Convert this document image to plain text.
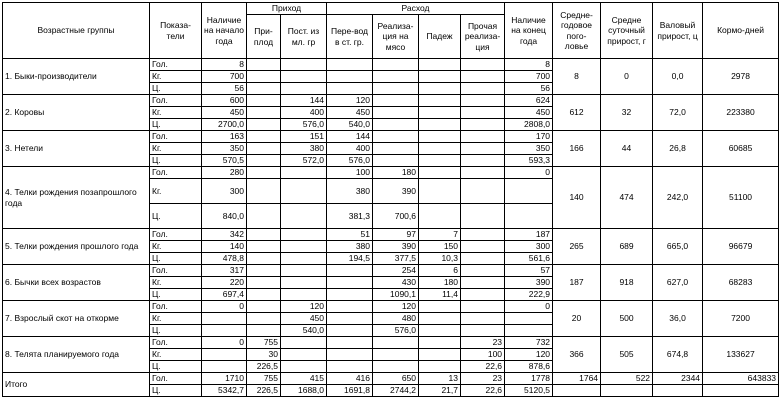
Возрастные группы	Показа-тели	Наличие на начало года	Приход		Расход				Наличие на конец года	Средне-годовое пого-ловье	Средне суточный прирост, г	Валовый прирост, ц	Кормо-дней
			При-плод	Пост. из мл. гр	Пере-вод в ст. гр.	Реализа-ция на мясо	Падеж	Прочая реализа-ция					
1. Быки-производители	Гол.	8							8	8	0	0,0	2978
	Кг.	700							700				
	Ц.	56							56				
2. Коровы	Гол.	600		144	120				624	612	32	72,0	223380
	Кг.	450		400	450				450				
	Ц.	2700,0		576,0	540,0				2808,0				
3. Нетели	Гол.	163		151	144				170	166	44	26,8	60685
	Кг.	350		380	400				350				
	Ц.	570,5		572,0	576,0				593,3				
4. Телки рождения позапрошлого года	Гол.	280			100	180			0	140	474	242,0	51100
	Кг.	300			380	390							
	Ц.	840,0			381,3	700,6							
5. Телки рождения прошлого года	Гол.	342			51	97	7		187	265	689	665,0	96679
	Кг.	140			380	390	150		300				
	Ц.	478,8			194,5	377,5	10,3		561,6				
6. Бычки всех возрастов	Гол.	317				254	6		57	187	918	627,0	68283
	Кг.	220				430	180		390				
	Ц.	697,4				1090,1	11,4		222,9				
7. Взрослый скот на откорме	Гол.	0		120		120			0	20	500	36,0	7200
	Кг.			450		480							
	Ц.			540,0		576,0							
8. Телята планируемого года	Гол.	0	755					23	732	366	505	674,8	133627
	Кг.		30					100	120				
	Ц.		226,5					22,6	878,6				
Итого	Гол.	1710	755	415	416	650	13	23	1778	1764	522	2344	643833
	Ц.	5342,7	226,5	1688,0	1691,8	2744,2	21,7	22,6	5120,5				
